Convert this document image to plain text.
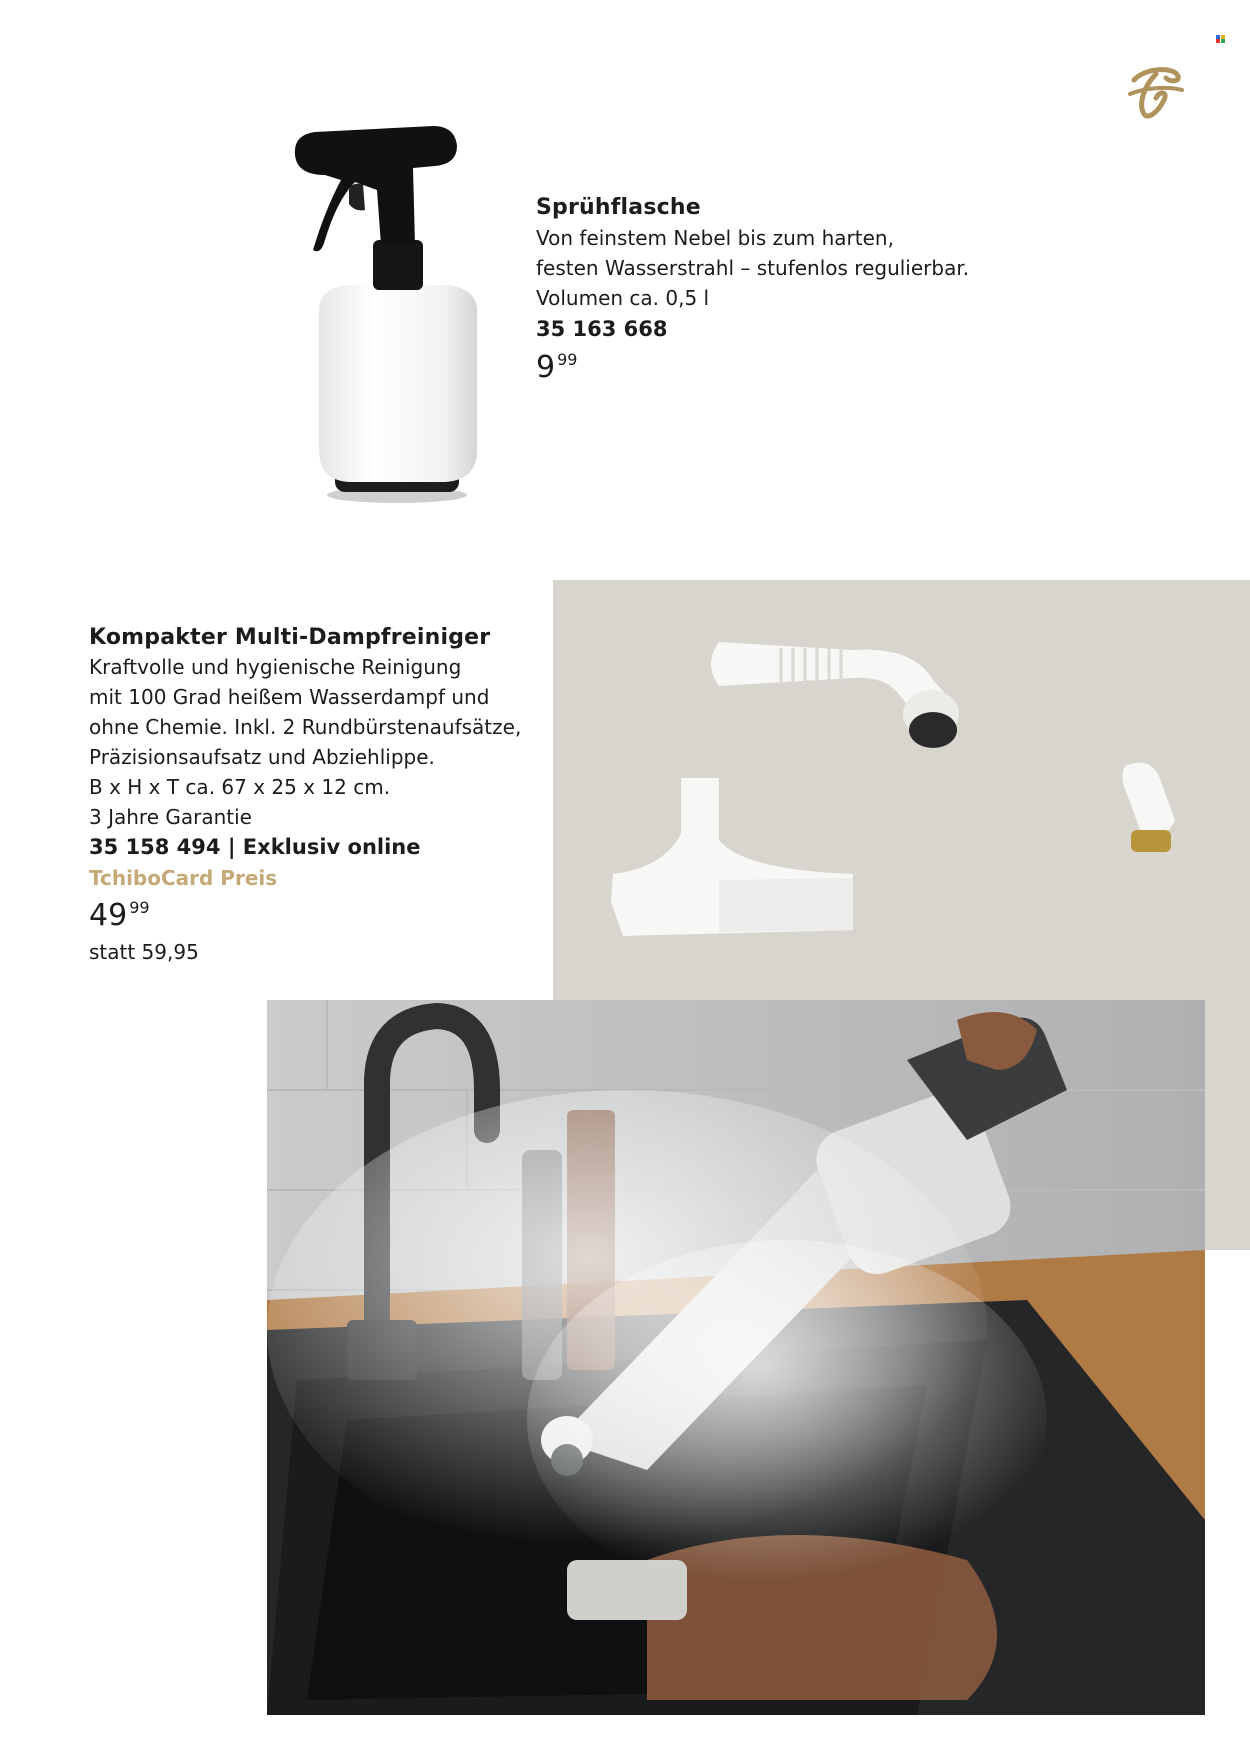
Sprühflasche
Von feinstem Nebel bis zum harten,
festen Wasserstrahl – stufenlos regulierbar.
Volumen ca. 0,5 l
35 163 668
9 $^{99}$
Kompakter Multi-Dampfreiniger
Kraftvolle und hygienische Reinigung
mit 100 Grad heißem Wasserdampf und
ohne Chemie. Inkl. 2 Rundbürstenaufsätze,
Präzisionsaufsatz und Abziehlippe.
B x H x T ca. 67 x 25 x 12 cm.
3 Jahre Garantie
35 158 494 | Exklusiv online
TchiboCard Preis
49 $^{99}$
statt 59,95
